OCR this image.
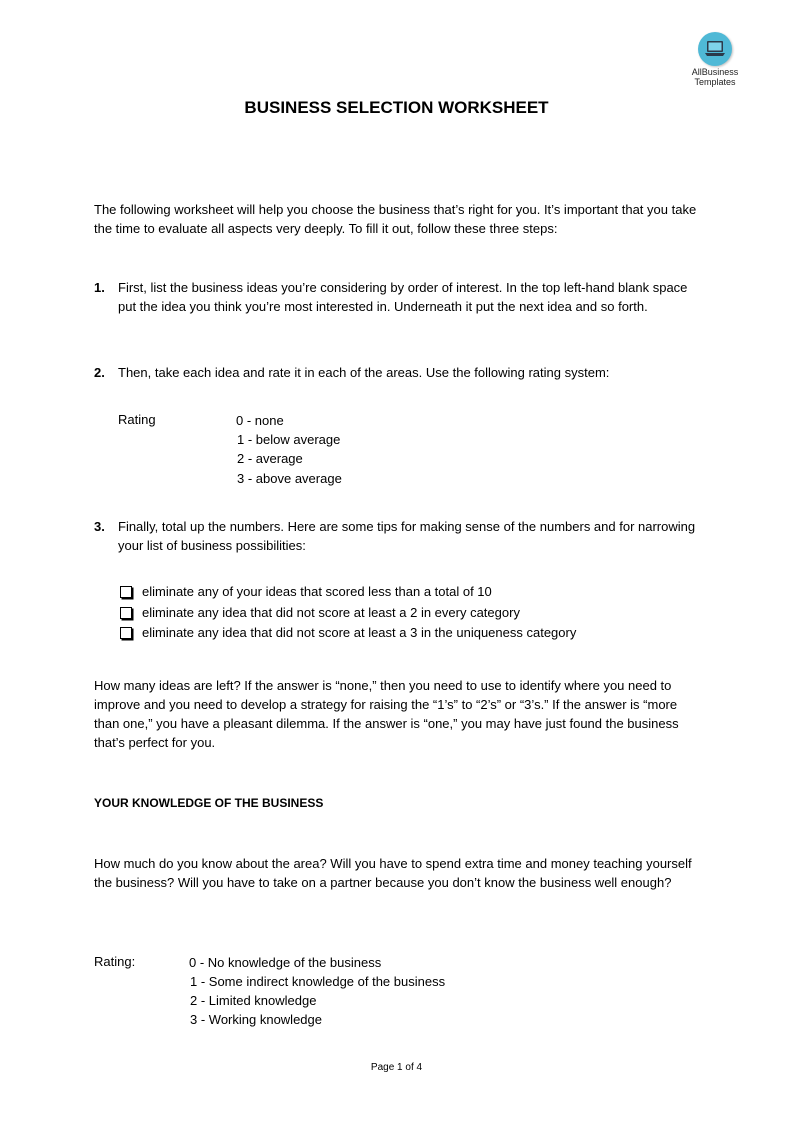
AllBusiness
Templates
BUSINESS SELECTION WORKSHEET
The following worksheet will help you choose the business that’s right for you. It’s important that you take the time to evaluate all aspects very deeply. To fill it out, follow these three steps:
1. First, list the business ideas you’re considering by order of interest. In the top left-hand blank space put the idea you think you’re most interested in. Underneath it put the next idea and so forth.
2. Then, take each idea and rate it in each of the areas. Use the following rating system:
Rating	0 - none
1 - below average
2 - average
3 - above average
3. Finally, total up the numbers. Here are some tips for making sense of the numbers and for narrowing your list of business possibilities:
eliminate any of your ideas that scored less than a total of 10
eliminate any idea that did not score at least a 2 in every category
eliminate any idea that did not score at least a 3 in the uniqueness category
How many ideas are left? If the answer is “none,” then you need to use to identify where you need to improve and you need to develop a strategy for raising the “1’s” to “2’s” or “3’s.” If the answer is “more than one,” you have a pleasant dilemma. If the answer is “one,” you may have just found the business that’s perfect for you.
YOUR KNOWLEDGE OF THE BUSINESS
How much do you know about the area? Will you have to spend extra time and money teaching yourself the business? Will you have to take on a partner because you don’t know the business well enough?
Rating:	0 - No knowledge of the business
1 - Some indirect knowledge of the business
2 - Limited knowledge
3 - Working knowledge
Page 1 of 4
